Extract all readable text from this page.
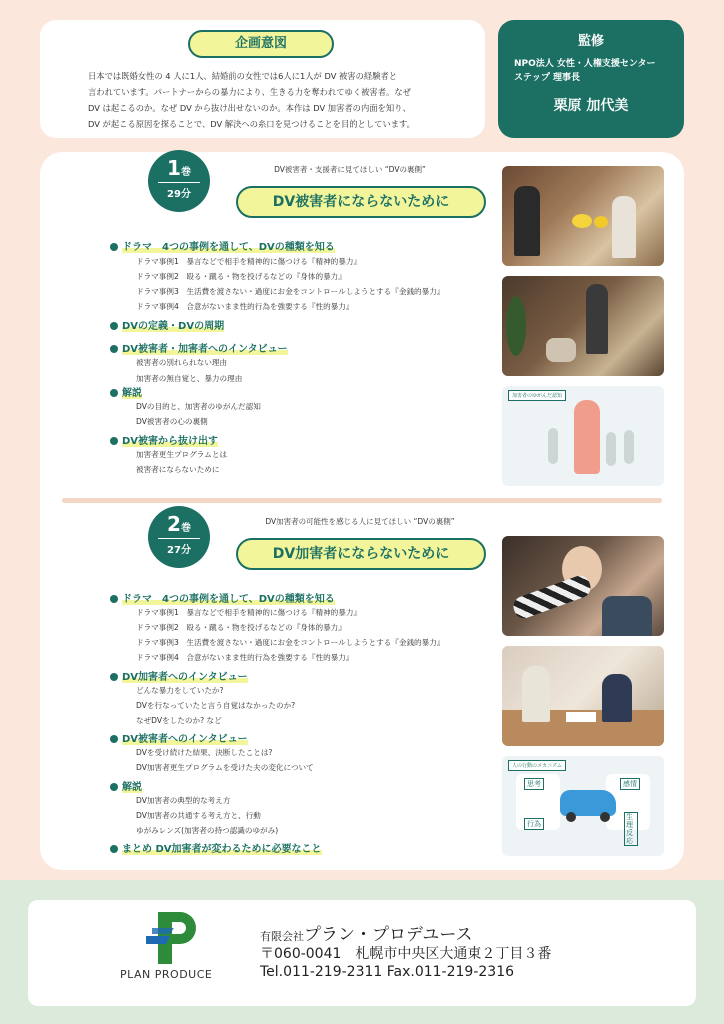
企画意図
日本では既婚女性の 4 人に1人、結婚前の女性では6人に1人が DV 被害の経験者と
言われています。パートナーからの暴力により、生きる力を奪われてゆく被害者。なぜ
DV は起こるのか。なぜ DV から抜け出せないのか。本作は DV 加害者の内面を知り、
DV が起こる原因を探ることで、DV 解決への糸口を見つけることを目的としています。
監修
NPO法人 女性・人権支援センター
ステップ 理事長
栗原 加代美
1巻
29分
DV被害者・支援者に見てほしい “DVの裏側”
DV被害者にならないために
ドラマ　4つの事例を通して、DVの種類を知る
ドラマ事例1　暴言などで相手を精神的に傷つける『精神的暴力』
ドラマ事例2　殴る・蹴る・物を投げるなどの『身体的暴力』
ドラマ事例3　生活費を渡さない・過度にお金をコントロールしようとする『金銭的暴力』
ドラマ事例4　合意がないまま性的行為を強要する『性的暴力』
DVの定義・DVの周期
DV被害者・加害者へのインタビュー
被害者の別れられない理由
加害者の無自覚と、暴力の理由
解説
DVの目的と、加害者のゆがんだ認知
DV被害者の心の裏側
DV被害から抜け出す
加害者更生プログラムとは
被害者にならないために
加害者のゆがんだ認知
2巻
27分
DV加害者の可能性を感じる人に見てほしい “DVの裏側”
DV加害者にならないために
ドラマ　4つの事例を通して、DVの種類を知る
ドラマ事例1　暴言などで相手を精神的に傷つける『精神的暴力』
ドラマ事例2　殴る・蹴る・物を投げるなどの『身体的暴力』
ドラマ事例3　生活費を渡さない・過度にお金をコントロールしようとする『金銭的暴力』
ドラマ事例4　合意がないまま性的行為を強要する『性的暴力』
DV加害者へのインタビュー
どんな暴力をしていたか?
DVを行なっていたと言う自覚はなかったのか?
なぜDVをしたのか? など
DV被害者へのインタビュー
DVを受け続けた結果、決断したことは?
DV加害者更生プログラムを受けた夫の変化について
解説
DV加害者の典型的な考え方
DV加害者の共通する考え方と、行動
ゆがみレンズ(加害者の持つ認識のゆがみ)
まとめ DV加害者が変わるために必要なこと
人の行動のメカニズム
思考	感情
行為
生理反応
PLAN PRODUCE
有限会社プラン・プロデユース
〒060-0041　札幌市中央区大通東２丁目３番
Tel.011-219-2311 Fax.011-219-2316
